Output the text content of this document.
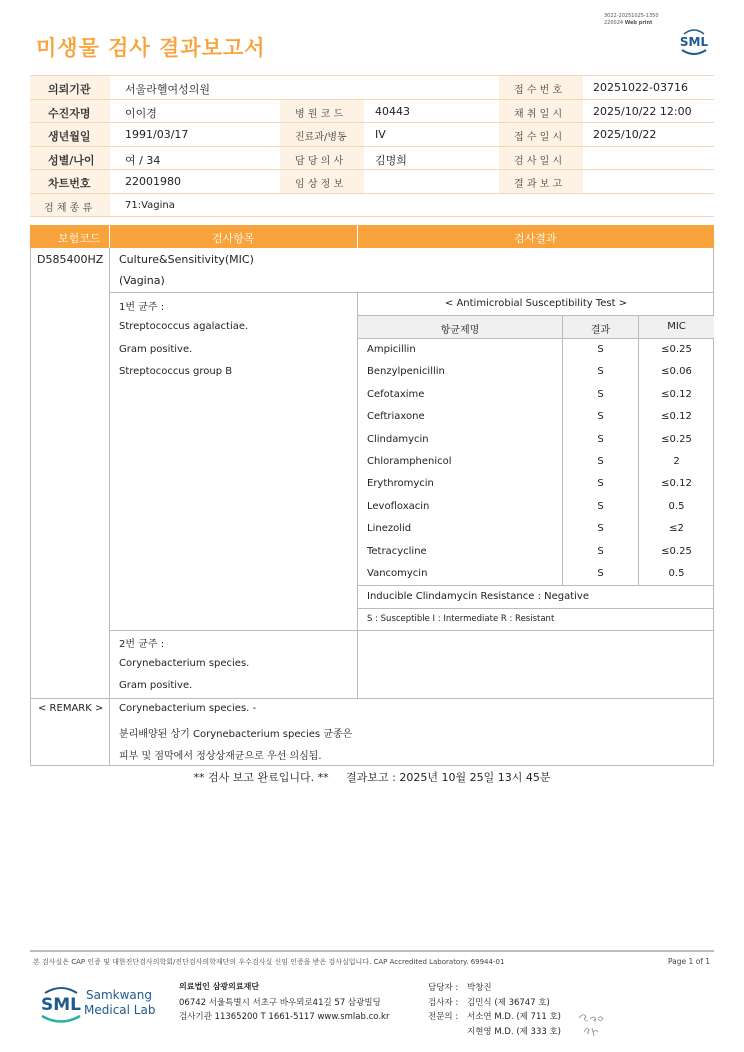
미생물 검사 결과보고서
3022-20251025-1350
220024 Web print
SML
의뢰기관	서울라헬여성의원	접 수 번 호	20251022-03716
수진자명	이이경	병 원 코 드	40443	채 취 일 시	2025/10/22 12:00
생년월일	1991/03/17	진료과/병동	IV	접 수 일 시	2025/10/22
성별/나이	여 / 34	담 당 의 사	김명희	검 사 일 시
차트번호	22001980	임 상 정 보	결 과 보 고
검 체 종 류	71:Vagina
보험코드	검사항목	검사결과
D585400HZ Culture&Sensitivity(MIC)
(Vagina)
1번 균주 :
Streptococcus agalactiae.
Gram positive.
Streptococcus group B
< Antimicrobial Susceptibility Test >
항균제명	결과	MIC
Ampicillin	S	≤0.25
Benzylpenicillin	S	≤0.06
Cefotaxime	S	≤0.12
Ceftriaxone	S	≤0.12
Clindamycin	S	≤0.25
Chloramphenicol	S	2
Erythromycin	S	≤0.12
Levofloxacin	S	0.5
Linezolid	S	≤2
Tetracycline	S	≤0.25
Vancomycin	S	0.5
Inducible Clindamycin Resistance : Negative
S : Susceptible I : Intermediate R : Resistant
2번 균주 :
Corynebacterium species.
Gram positive.
< REMARK > Corynebacterium species. -
분리배양된 상기 Corynebacterium species 균종은
피부 및 점막에서 정상상재균으로 우선 의심됨.
** 검사 보고 완료입니다. **     결과보고 : 2025년 10월 25일 13시 45분
본 검사실은 CAP 인증 및 대한진단검사의학회/진단검사의학재단의 우수검사실 신임 인증을 받은 검사실입니다. CAP Accredited Laboratory. 69944-01	Page 1 of 1
SML Samkwang
Medical Lab
의료법인 삼광의료재단
06742 서울특별시 서초구 바우뫼로41길 57 삼광빌딩
검사기관 11365200 T 1661-5117 www.smlab.co.kr
담당자 : 박창진
검사자 : 김민식 (제 36747 호)
전문의 : 서소연 M.D. (제 711 호)
지현영 M.D. (제 333 호)
